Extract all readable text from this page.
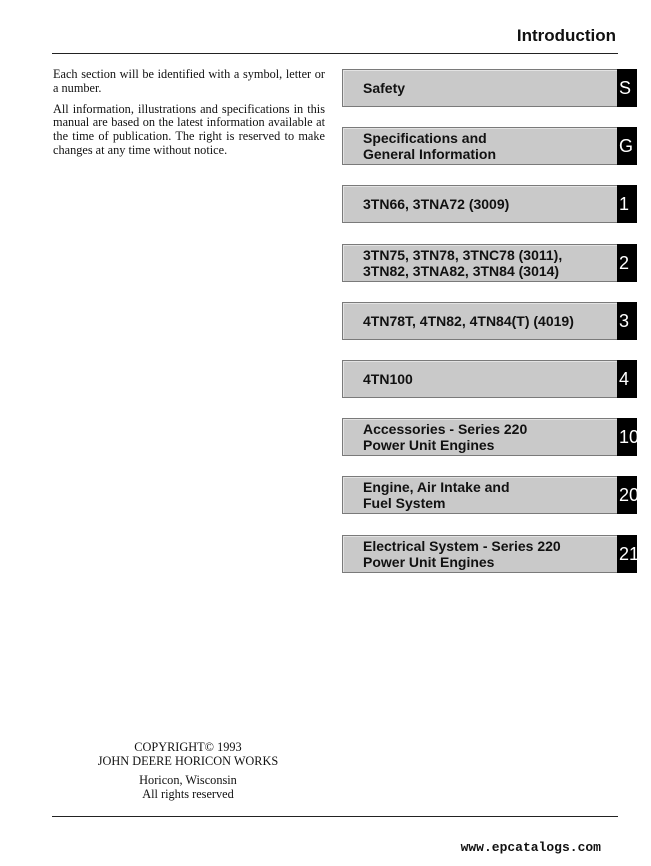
Introduction

Each section will be identified with a symbol, letter or a number.

All information, illustrations and specifications in this manual are based on the latest information available at the time of publication. The right is reserved to make changes at any time without notice.

Safety	S
Specifications and
General Information	G
3TN66, 3TNA72 (3009)	1
3TN75, 3TN78, 3TNC78 (3011),
3TN82, 3TNA82, 3TN84 (3014)	2
4TN78T, 4TN82, 4TN84(T) (4019)	3
4TN100	4
Accessories - Series 220
Power Unit Engines	10
Engine, Air Intake and
Fuel System	20
Electrical System - Series 220
Power Unit Engines	21
COPYRIGHT© 1993
JOHN DEERE HORICON WORKS
Horicon, Wisconsin
All rights reserved
www.epcatalogs.com
